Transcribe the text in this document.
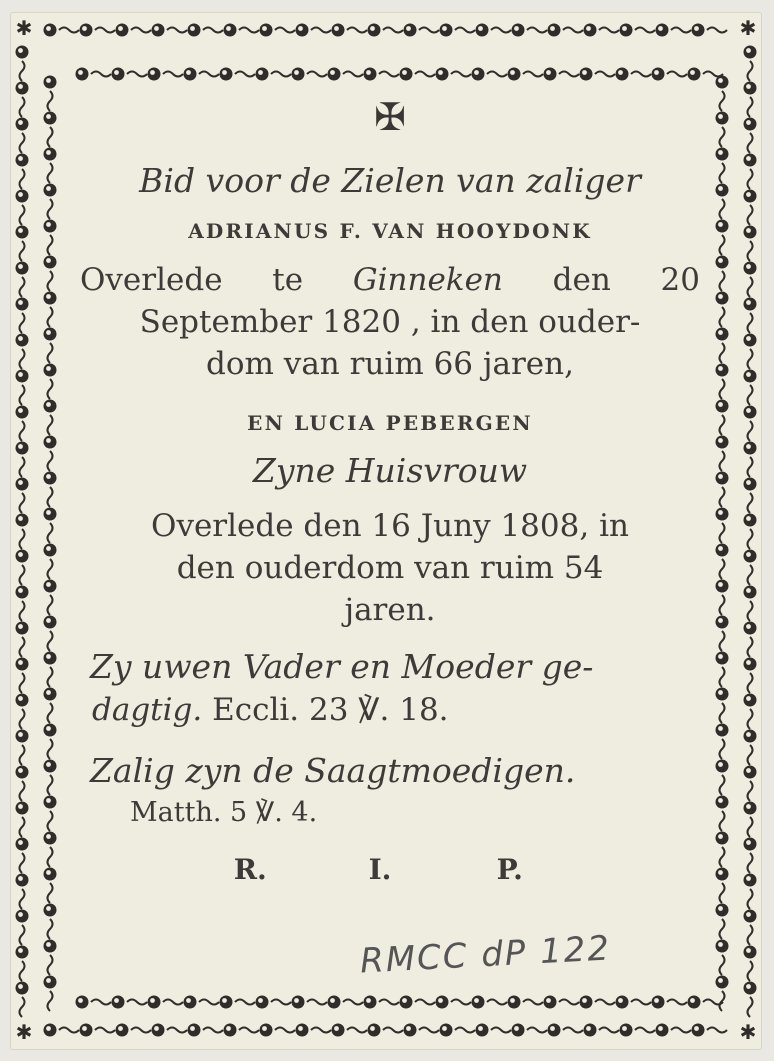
✱	✱
✱	✱
✠
Bid voor de Zielen van zaliger
ADRIANUS F. VAN HOOYDONK
Overlede te Ginneken den 20
September 1820 , in den ouder-
dom van ruim 66 jaren,
EN LUCIA PEBERGEN
Zyne Huisvrouw
Overlede den 16 Juny 1808, in
den ouderdom van ruim 54
jaren.
Zy uwen Vader en Moeder ge-
dagtig. Eccli. 23 ℣. 18.
Zalig zyn de Saagtmoedigen.
Matth. 5 ℣. 4.
R.	I.	P.
RMCC dP 122
